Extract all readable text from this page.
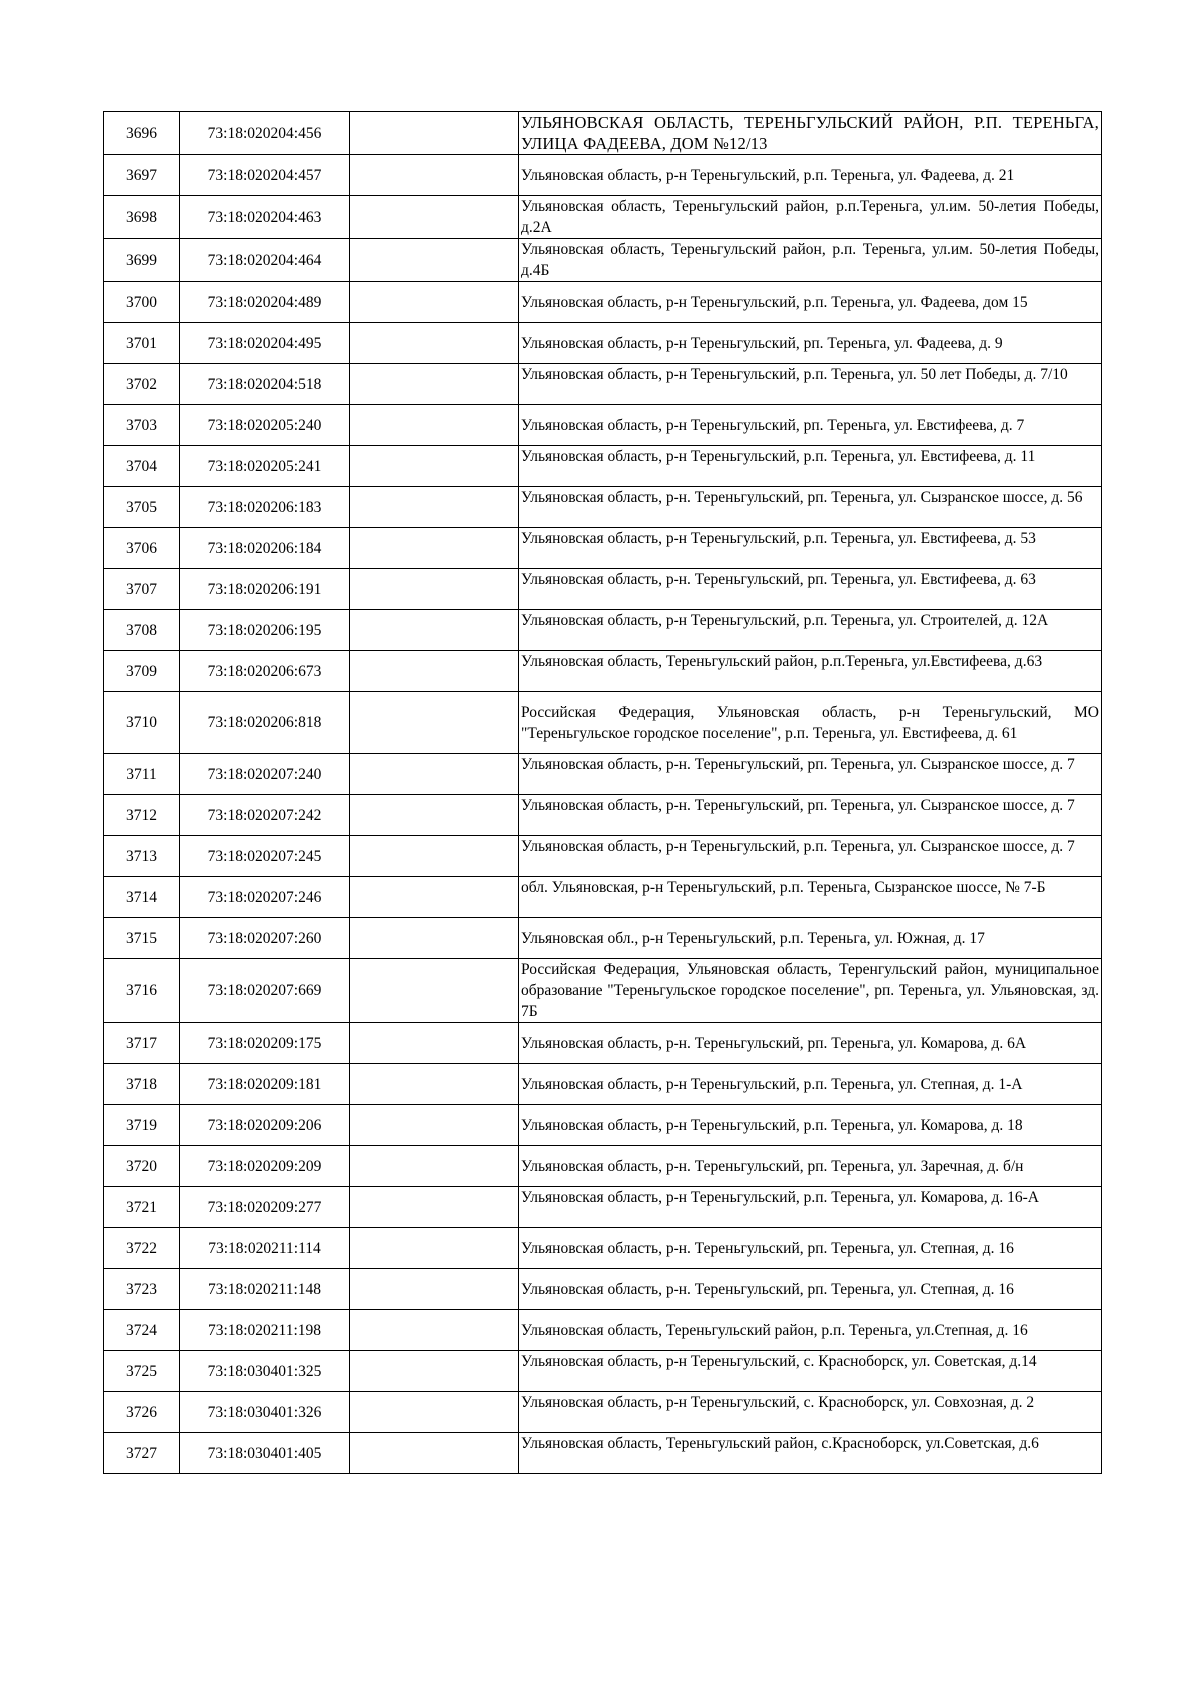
3696	73:18:020204:456		УЛЬЯНОВСКАЯ ОБЛАСТЬ, ТЕРЕНЬГУЛЬСКИЙ РАЙОН, Р.П. ТЕРЕНЬГА, УЛИЦА ФАДЕЕВА, ДОМ №12/13
3697	73:18:020204:457		Ульяновская область, р-н Тереньгульский, р.п. Тереньга, ул. Фадеева, д. 21

3698	73:18:020204:463		Ульяновская область, Тереньгульский район, р.п.Тереньга, ул.им. 50-летия Победы, д.2А
3699	73:18:020204:464		Ульяновская область, Тереньгульский район, р.п. Тереньга, ул.им. 50-летия Победы, д.4Б
3700	73:18:020204:489		Ульяновская область, р-н Тереньгульский, р.п. Тереньга, ул. Фадеева, дом 15

3701	73:18:020204:495		Ульяновская область, р-н Тереньгульский, рп. Тереньга, ул. Фадеева, д. 9

3702	73:18:020204:518		Ульяновская область, р-н Тереньгульский, р.п. Тереньга, ул. 50 лет Победы, д. 7/10
3703	73:18:020205:240		Ульяновская область, р-н Тереньгульский, рп. Тереньга, ул. Евстифеева, д. 7

3704	73:18:020205:241		Ульяновская область, р-н Тереньгульский, р.п. Тереньга, ул. Евстифеева, д. 11
3705	73:18:020206:183		Ульяновская область, р-н. Тереньгульский, рп. Тереньга, ул. Сызранское шоссе, д. 56
3706	73:18:020206:184		Ульяновская область, р-н Тереньгульский, р.п. Тереньга, ул. Евстифеева, д. 53
3707	73:18:020206:191		Ульяновская область, р-н. Тереньгульский, рп. Тереньга, ул. Евстифеева, д. 63
3708	73:18:020206:195		Ульяновская область, р-н Тереньгульский, р.п. Тереньга, ул. Строителей, д. 12А
3709	73:18:020206:673		Ульяновская область, Тереньгульский район, р.п.Тереньга, ул.Евстифеева, д.63
3710	73:18:020206:818		Российская Федерация, Ульяновская область, р-н Тереньгульский, МО "Тереньгульское городское поселение", р.п. Тереньга, ул. Евстифеева, д. 61

3711	73:18:020207:240		Ульяновская область, р-н. Тереньгульский, рп. Тереньга, ул. Сызранское шоссе, д. 7
3712	73:18:020207:242		Ульяновская область, р-н. Тереньгульский, рп. Тереньга, ул. Сызранское шоссе, д. 7
3713	73:18:020207:245		Ульяновская область, р-н Тереньгульский, р.п. Тереньга, ул. Сызранское шоссе, д. 7
3714	73:18:020207:246		обл. Ульяновская, р-н Тереньгульский, р.п. Тереньга, Сызранское шоссе, № 7-Б
3715	73:18:020207:260		Ульяновская обл., р-н Тереньгульский, р.п. Тереньга, ул. Южная, д. 17

3716	73:18:020207:669		Российская Федерация, Ульяновская область, Теренгульский район, муниципальное образование "Тереньгульское городское поселение", рп. Тереньга, ул. Ульяновская, зд. 7Б
3717	73:18:020209:175		Ульяновская область, р-н. Тереньгульский, рп. Тереньга, ул. Комарова, д. 6А

3718	73:18:020209:181		Ульяновская область, р-н Тереньгульский, р.п. Тереньга, ул. Степная, д. 1-А

3719	73:18:020209:206		Ульяновская область, р-н Тереньгульский, р.п. Тереньга, ул. Комарова, д. 18

3720	73:18:020209:209		Ульяновская область, р-н. Тереньгульский, рп. Тереньга, ул. Заречная, д. б/н

3721	73:18:020209:277		Ульяновская область, р-н Тереньгульский, р.п. Тереньга, ул. Комарова, д. 16-А
3722	73:18:020211:114		Ульяновская область, р-н. Тереньгульский, рп. Тереньга, ул. Степная, д. 16

3723	73:18:020211:148		Ульяновская область, р-н. Тереньгульский, рп. Тереньга, ул. Степная, д. 16

3724	73:18:020211:198		Ульяновская область, Тереньгульский район, р.п. Тереньга, ул.Степная, д. 16

3725	73:18:030401:325		Ульяновская область, р-н Тереньгульский, с. Красноборск, ул. Советская, д.14
3726	73:18:030401:326		Ульяновская область, р-н Тереньгульский, с. Красноборск, ул. Совхозная, д. 2
3727	73:18:030401:405		Ульяновская область, Тереньгульский район, с.Красноборск, ул.Советская, д.6
